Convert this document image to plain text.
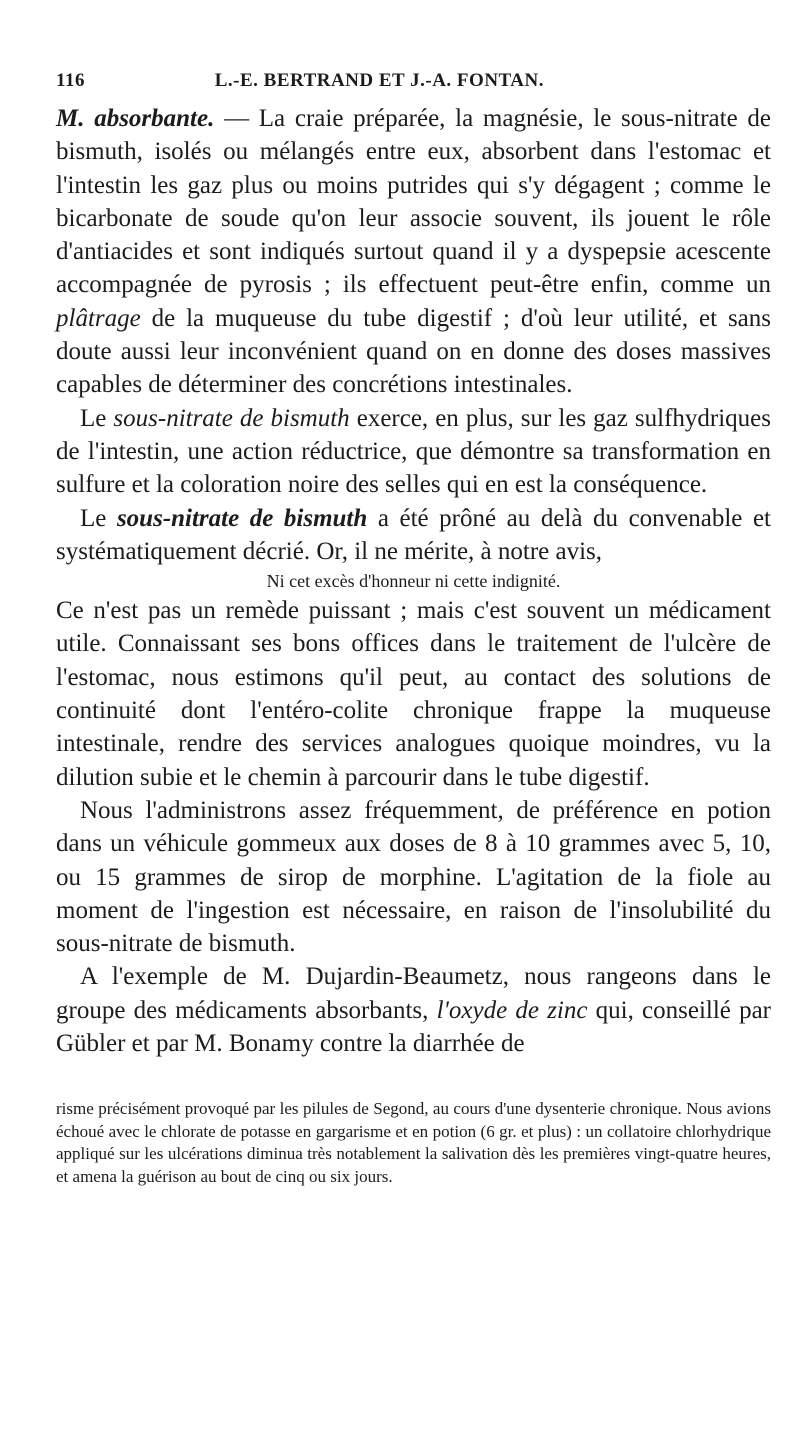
116	L.-E. BERTRAND ET J.-A. FONTAN.

M. absorbante. — La craie préparée, la magnésie, le sous-nitrate de bismuth, isolés ou mélangés entre eux, absorbent dans l'estomac et l'intestin les gaz plus ou moins putrides qui s'y dégagent ; comme le bicarbonate de soude qu'on leur associe souvent, ils jouent le rôle d'antiacides et sont indiqués surtout quand il y a dyspepsie acescente accompagnée de pyrosis ; ils effectuent peut-être enfin, comme un plâtrage de la muqueuse du tube digestif ; d'où leur utilité, et sans doute aussi leur inconvénient quand on en donne des doses massives capables de déterminer des concrétions intestinales.

Le sous-nitrate de bismuth exerce, en plus, sur les gaz sulfhydriques de l'intestin, une action réductrice, que démontre sa transformation en sulfure et la coloration noire des selles qui en est la conséquence.

Le sous-nitrate de bismuth a été prôné au delà du convenable et systématiquement décrié. Or, il ne mérite, à notre avis,

Ni cet excès d'honneur ni cette indignité.

Ce n'est pas un remède puissant ; mais c'est souvent un médicament utile. Connaissant ses bons offices dans le traitement de l'ulcère de l'estomac, nous estimons qu'il peut, au contact des solutions de continuité dont l'entéro-colite chronique frappe la muqueuse intestinale, rendre des services analogues quoique moindres, vu la dilution subie et le chemin à parcourir dans le tube digestif.

Nous l'administrons assez fréquemment, de préférence en potion dans un véhicule gommeux aux doses de 8 à 10 grammes avec 5, 10, ou 15 grammes de sirop de morphine. L'agitation de la fiole au moment de l'ingestion est nécessaire, en raison de l'insolubilité du sous-nitrate de bismuth.

A l'exemple de M. Dujardin-Beaumetz, nous rangeons dans le groupe des médicaments absorbants, l'oxyde de zinc qui, conseillé par Gübler et par M. Bonamy contre la diarrhée de

risme précisément provoqué par les pilules de Segond, au cours d'une dysenterie chronique. Nous avions échoué avec le chlorate de potasse en gargarisme et en potion (6 gr. et plus) : un collatoire chlorhydrique appliqué sur les ulcérations diminua très notablement la salivation dès les premières vingt-quatre heures, et amena la guérison au bout de cinq ou six jours.
